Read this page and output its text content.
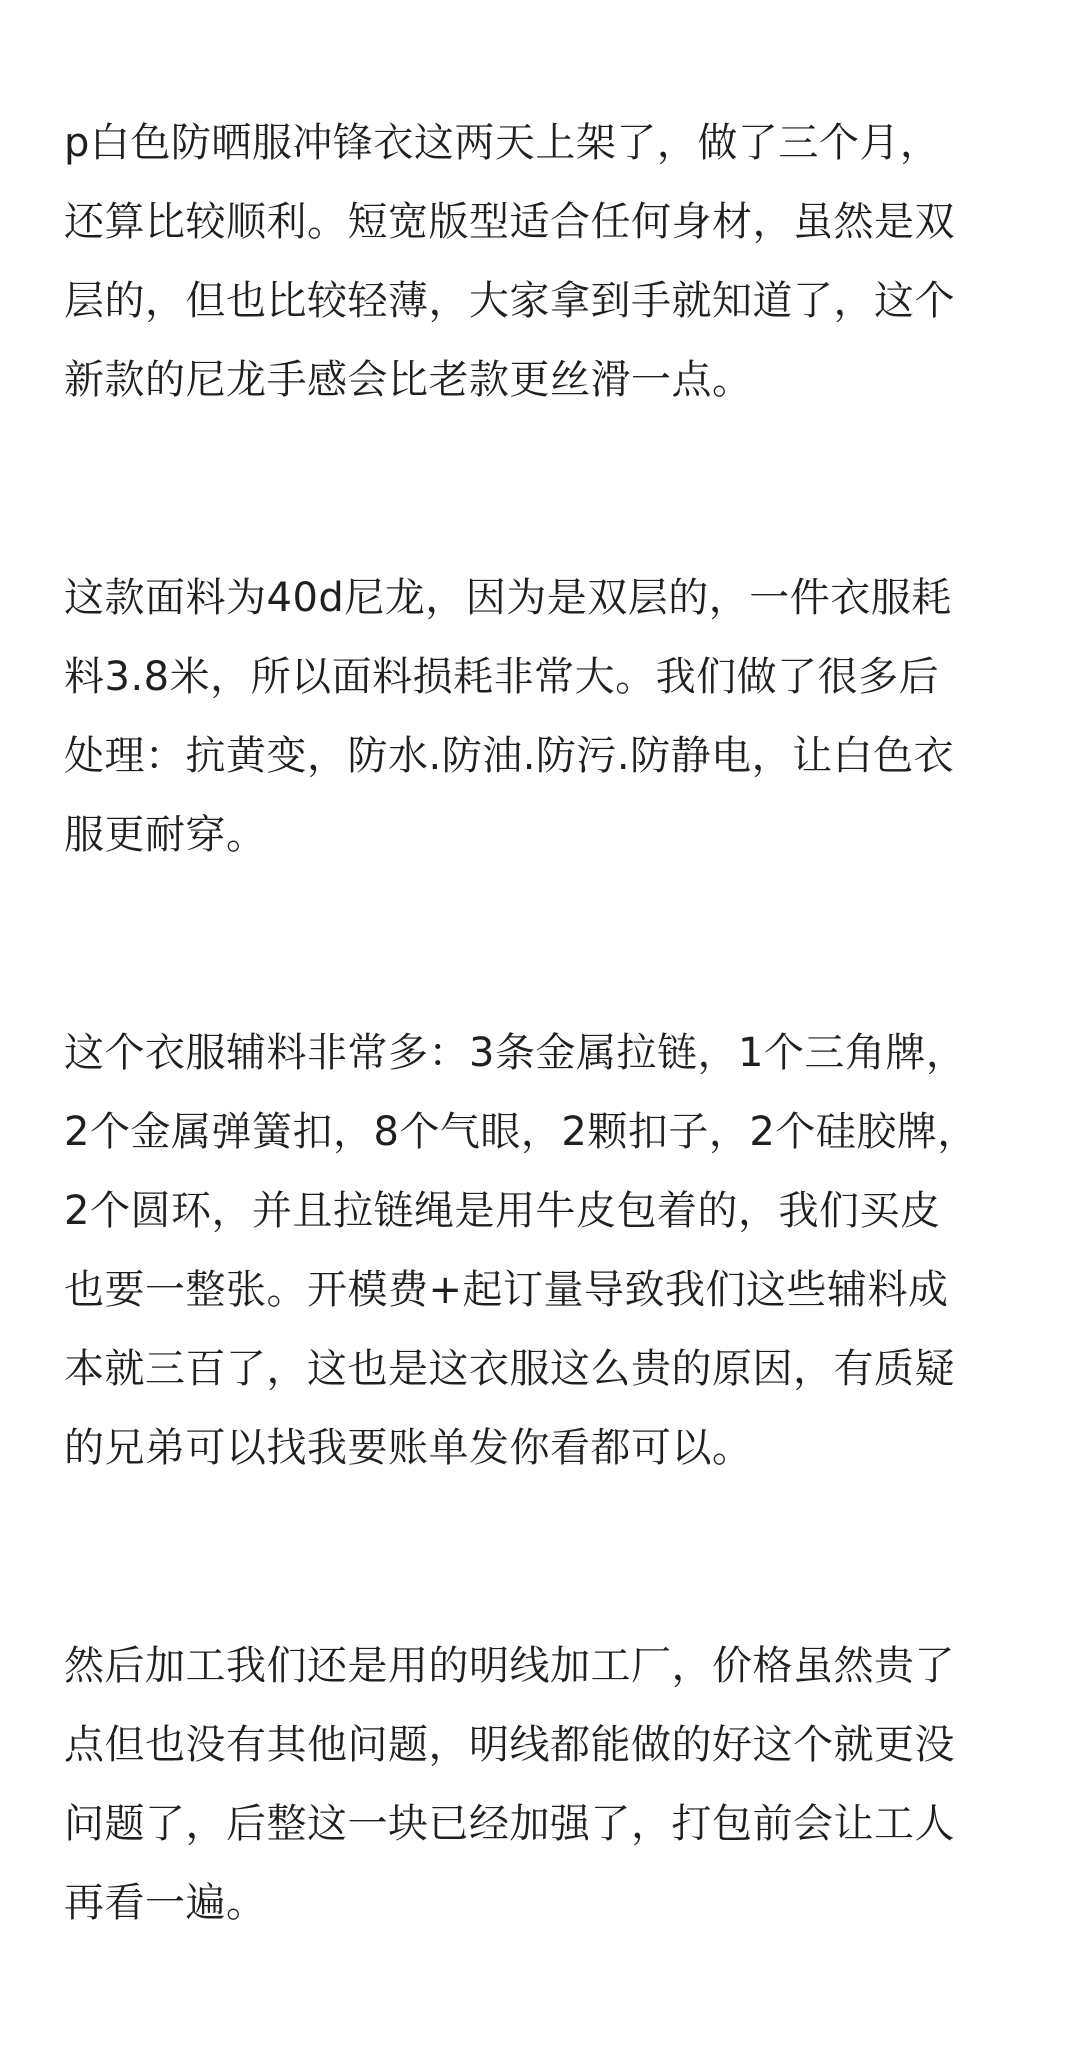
p白色防晒服冲锋衣这两天上架了，做了三个月，
还算比较顺利。短宽版型适合任何身材，虽然是双
层的，但也比较轻薄，大家拿到手就知道了，这个
新款的尼龙手感会比老款更丝滑一点。
这款面料为40d尼龙，因为是双层的，一件衣服耗
料3.8米，所以面料损耗非常大。我们做了很多后
处理：抗黄变，防水.防油.防污.防静电，让白色衣
服更耐穿。
这个衣服辅料非常多：3条金属拉链，1个三角牌，
2个金属弹簧扣，8个气眼，2颗扣子，2个硅胶牌，
2个圆环，并且拉链绳是用牛皮包着的，我们买皮
也要一整张。开模费+起订量导致我们这些辅料成
本就三百了，这也是这衣服这么贵的原因，有质疑
的兄弟可以找我要账单发你看都可以。
然后加工我们还是用的明线加工厂，价格虽然贵了
点但也没有其他问题，明线都能做的好这个就更没
问题了，后整这一块已经加强了，打包前会让工人
再看一遍。
